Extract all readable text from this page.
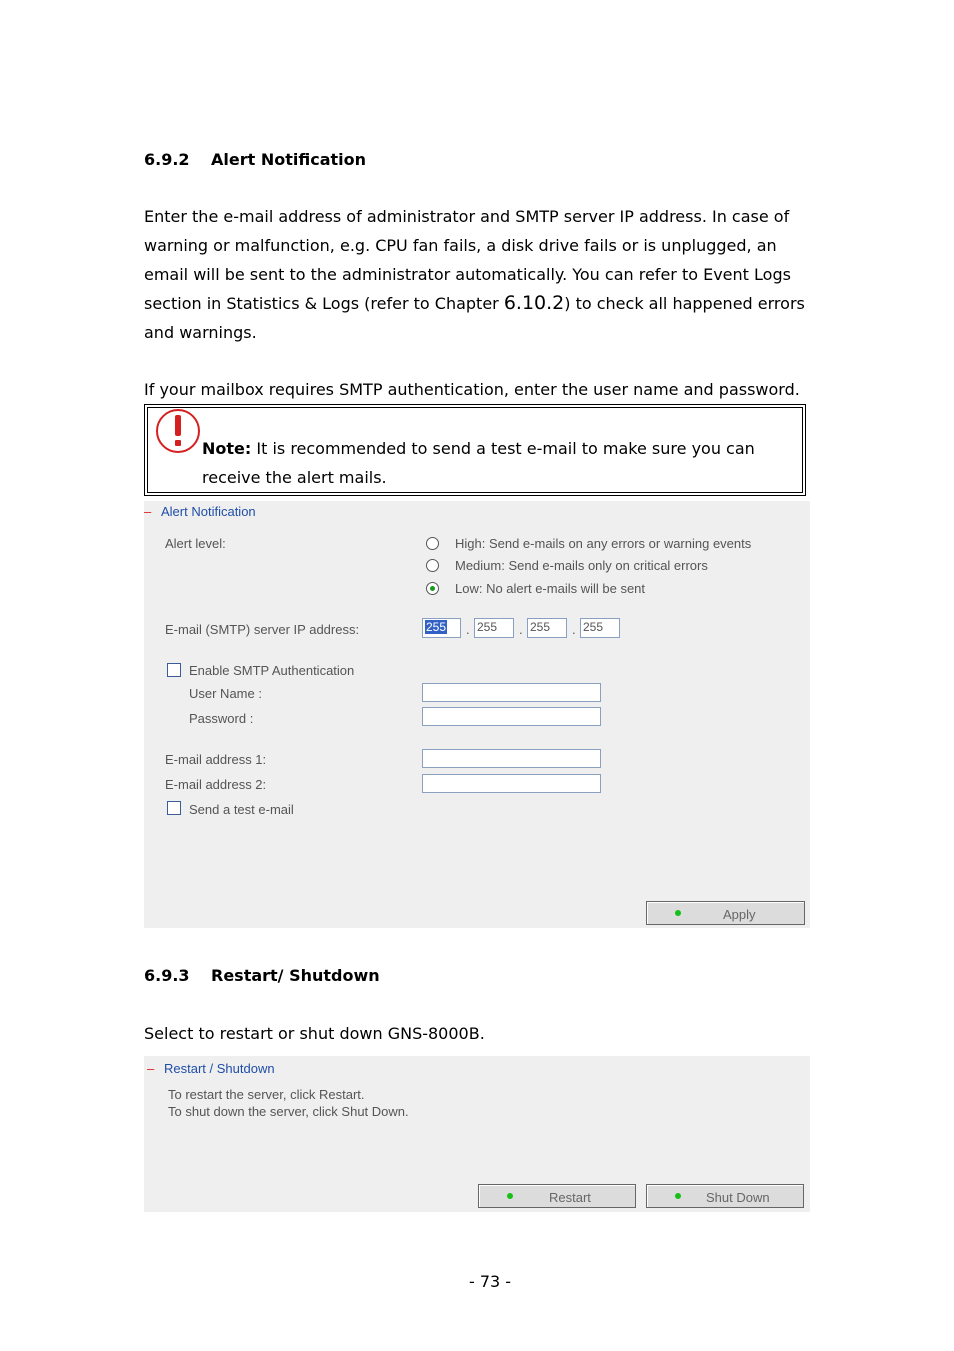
6.9.2 Alert Notification
Enter the e-mail address of administrator and SMTP server IP address. In case of
warning or malfunction, e.g. CPU fan fails, a disk drive fails or is unplugged, an
email will be sent to the administrator automatically. You can refer to Event Logs
section in Statistics & Logs (refer to Chapter 6.10.2) to check all happened errors
and warnings.
If your mailbox requires SMTP authentication, enter the user name and password.
Note: It is recommended to send a test e-mail to make sure you can
receive the alert mails.
– Alert Notification
Alert level:	High: Send e-mails on any errors or warning events
Medium: Send e-mails only on critical errors
Low: No alert e-mails will be sent
E-mail (SMTP) server IP address:	255	. 255	. 255	. 255
Enable SMTP Authentication
User Name :
Password :
E-mail address 1:
E-mail address 2:
Send a test e-mail
Apply
6.9.3 Restart/ Shutdown
Select to restart or shut down GNS-8000B.
– Restart / Shutdown
To restart the server, click Restart.
To shut down the server, click Shut Down.
Restart	Shut Down
- 73 -
